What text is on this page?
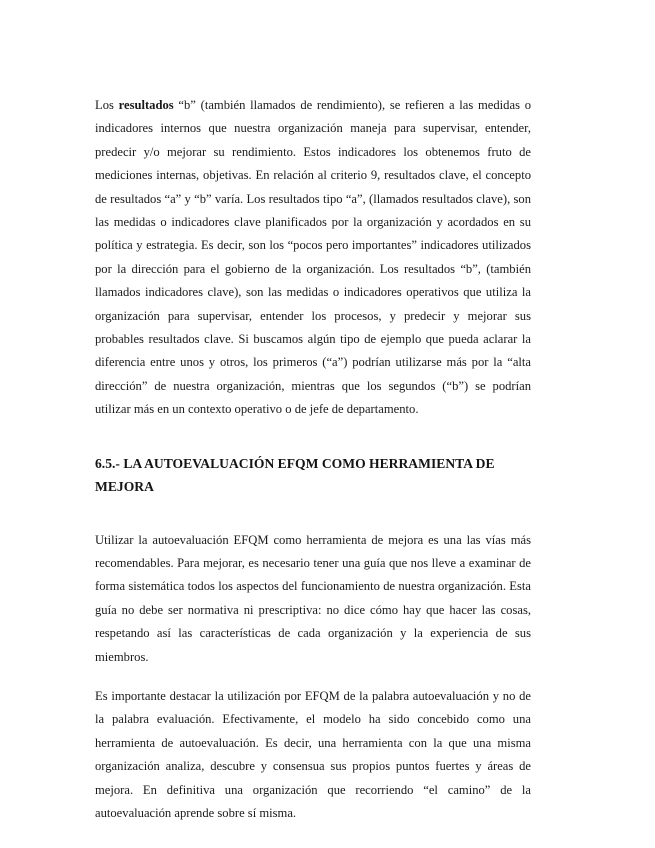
Los resultados “b” (también llamados de rendimiento), se refieren a las medidas o indicadores internos que nuestra organización maneja para supervisar, entender, predecir y/o mejorar su rendimiento. Estos indicadores los obtenemos fruto de mediciones internas, objetivas. En relación al criterio 9, resultados clave, el concepto de resultados “a” y “b” varía. Los resultados tipo “a”, (llamados resultados clave), son las medidas o indicadores clave planificados por la organización y acordados en su política y estrategia. Es decir, son los “pocos pero importantes” indicadores utilizados por la dirección para el gobierno de la organización. Los resultados “b”, (también llamados indicadores clave), son las medidas o indicadores operativos que utiliza la organización para supervisar, entender los procesos, y predecir y mejorar sus probables resultados clave. Si buscamos algún tipo de ejemplo que pueda aclarar la diferencia entre unos y otros, los primeros (“a”) podrían utilizarse más por la “alta dirección” de nuestra organización, mientras que los segundos (“b”) se podrían utilizar más en un contexto operativo o de jefe de departamento.

6.5.- LA AUTOEVALUACIÓN EFQM COMO HERRAMIENTA DE MEJORA

Utilizar la autoevaluación EFQM como herramienta de mejora es una las vías más recomendables. Para mejorar, es necesario tener una guía que nos lleve a examinar de forma sistemática todos los aspectos del funcionamiento de nuestra organización. Esta guía no debe ser normativa ni prescriptiva: no dice cómo hay que hacer las cosas, respetando así las características de cada organización y la experiencia de sus miembros.

Es importante destacar la utilización por EFQM de la palabra autoevaluación y no de la palabra evaluación. Efectivamente, el modelo ha sido concebido como una herramienta de autoevaluación. Es decir, una herramienta con la que una misma organización analiza, descubre y consensua sus propios puntos fuertes y áreas de mejora. En definitiva una organización que recorriendo “el camino” de la autoevaluación aprende sobre sí misma.
